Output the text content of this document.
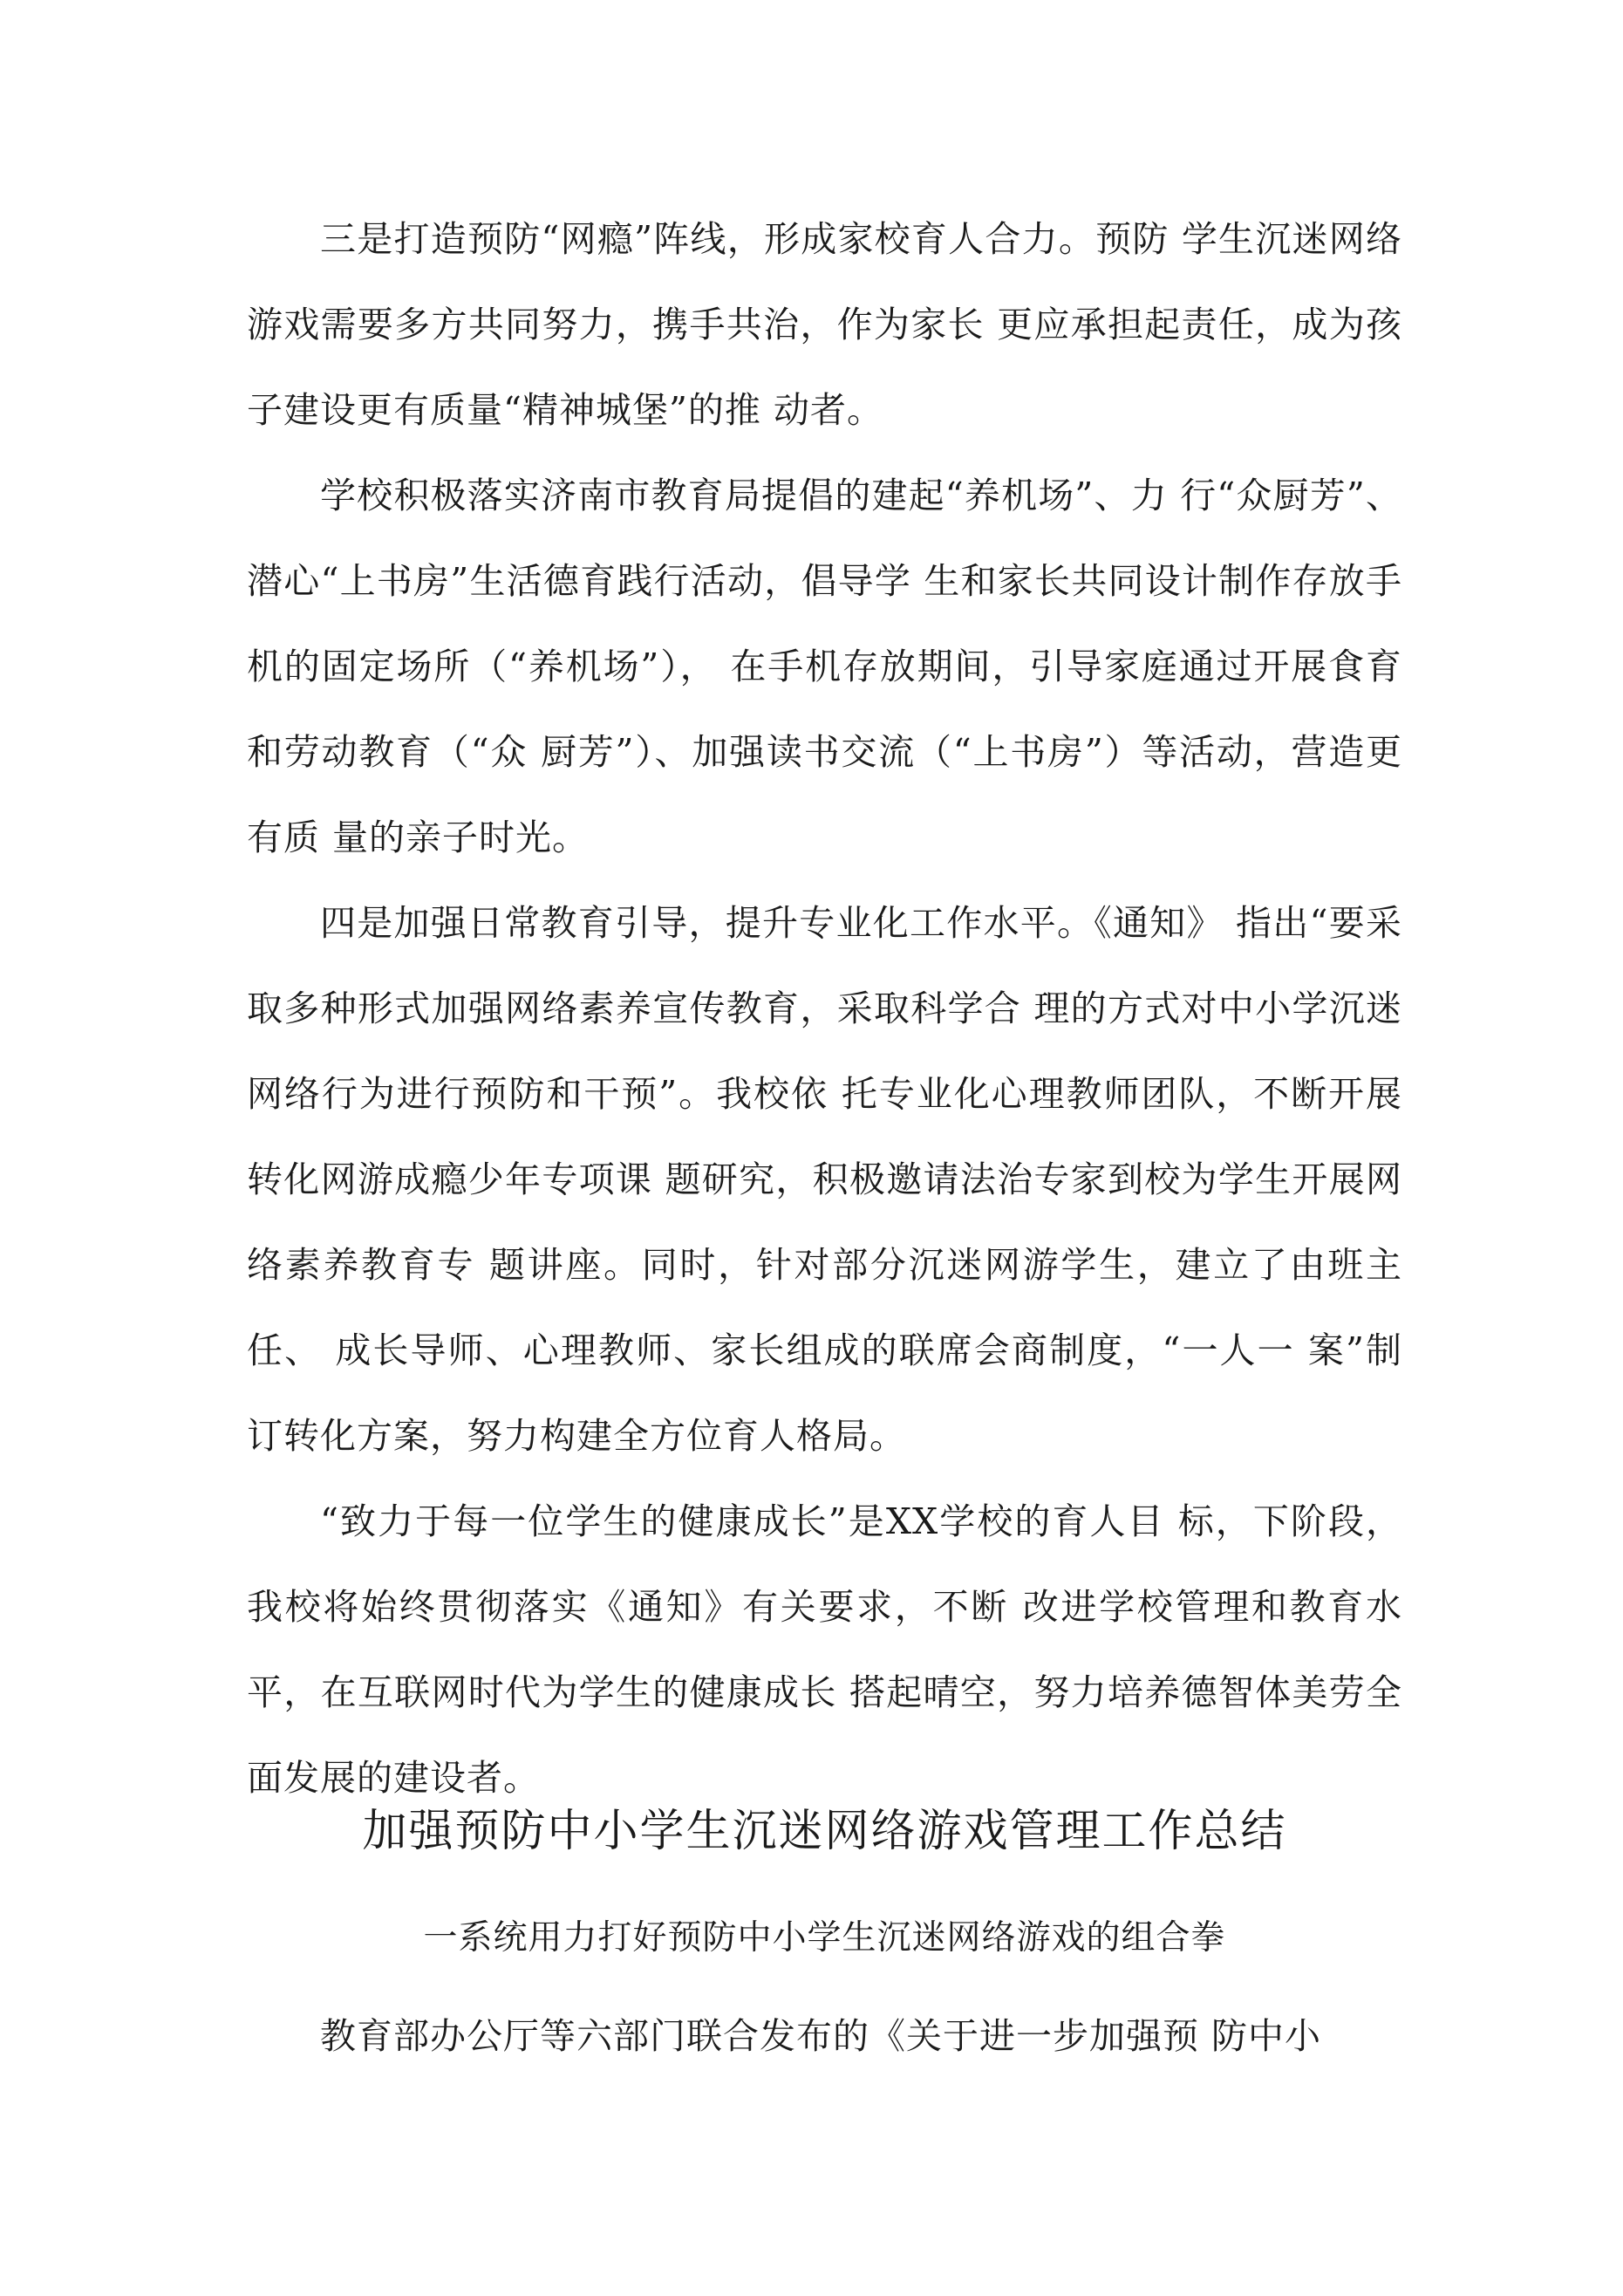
三是打造预防“网瘾”阵线，形成家校育人合力。预防 学生沉迷网络游戏需要多方共同努力，携手共治，作为家长 更应承担起责任，成为孩子建设更有质量“精神城堡”的推 动者。

学校积极落实济南市教育局提倡的建起“养机场”、力 行“众厨芳”、潜心“上书房”生活德育践行活动，倡导学 生和家长共同设计制作存放手机的固定场所（“养机场”）， 在手机存放期间，引导家庭通过开展食育和劳动教育（“众 厨芳”）、加强读书交流（“上书房”）等活动，营造更有质 量的亲子时光。

四是加强日常教育引导，提升专业化工作水平。《通知》 指出“要采取多种形式加强网络素养宣传教育，采取科学合 理的方式对中小学沉迷网络行为进行预防和干预”。我校依 托专业化心理教师团队，不断开展转化网游成瘾少年专项课 题研究，积极邀请法治专家到校为学生开展网络素养教育专 题讲座。同时，针对部分沉迷网游学生，建立了由班主任、 成长导师、心理教师、家长组成的联席会商制度，“一人一 案”制订转化方案，努力构建全方位育人格局。

“致力于每一位学生的健康成长”是XX学校的育人目 标，下阶段，我校将始终贯彻落实《通知》有关要求，不断 改进学校管理和教育水平，在互联网时代为学生的健康成长 搭起晴空，努力培养德智体美劳全面发展的建设者。

加强预防中小学生沉迷网络游戏管理工作总结
一系统用力打好预防中小学生沉迷网络游戏的组合拳

教育部办公厅等六部门联合发布的《关于进一步加强预 防中小
